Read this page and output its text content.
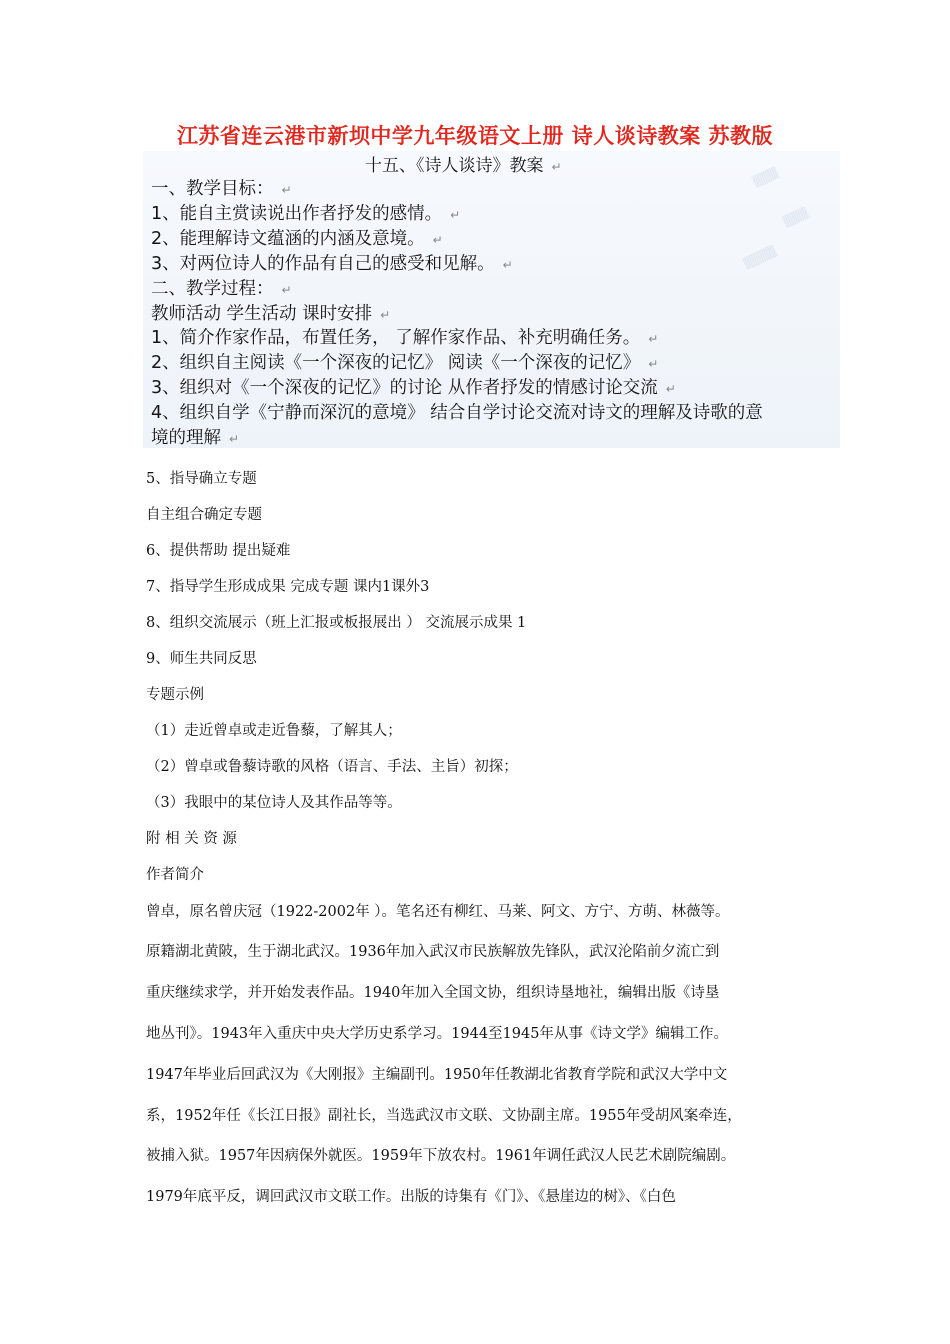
江苏省连云港市新坝中学九年级语文上册 诗人谈诗教案 苏教版
▒▒▒
▒▒▒
▒▒▒▒
十五、《诗人谈诗》教案 ↵
一、教学目标： ↵
1、能自主赏读说出作者抒发的感情。 ↵
2、能理解诗文蕴涵的内涵及意境。 ↵
3、对两位诗人的作品有自己的感受和见解。 ↵
二、教学过程： ↵
教师活动 学生活动 课时安排 ↵
1、简介作家作品，布置任务， 了解作家作品、补充明确任务。 ↵
2、组织自主阅读《一个深夜的记忆》 阅读《一个深夜的记忆》 ↵
3、组织对《一个深夜的记忆》的讨论 从作者抒发的情感讨论交流 ↵
4、组织自学《宁静而深沉的意境》 结合自学讨论交流对诗文的理解及诗歌的意
境的理解 ↵
5、指导确立专题
自主组合确定专题
6、提供帮助 提出疑难
7、指导学生形成成果 完成专题 课内1课外3
8、组织交流展示（班上汇报或板报展出 ） 交流展示成果 1
9、师生共同反思
专题示例
（1）走近曾卓或走近鲁藜，了解其人；
（2）曾卓或鲁藜诗歌的风格（语言、手法、主旨）初探；
（3）我眼中的某位诗人及其作品等等。
附 相 关 资 源
作者简介
曾卓，原名曾庆冠（1922-2002年 ）。笔名还有柳红、马莱、阿文、方宁、方萌、林薇等。
原籍湖北黄陂，生于湖北武汉。1936年加入武汉市民族解放先锋队，武汉沦陷前夕流亡到
重庆继续求学，并开始发表作品。1940年加入全国文协，组织诗垦地社，编辑出版《诗垦
地丛刊》。1943年入重庆中央大学历史系学习。1944至1945年从事《诗文学》编辑工作。
1947年毕业后回武汉为《大刚报》主编副刊。1950年任教湖北省教育学院和武汉大学中文
系，1952年任《长江日报》副社长，当选武汉市文联、文协副主席。1955年受胡风案牵连，
被捕入狱。1957年因病保外就医。1959年下放农村。1961年调任武汉人民艺术剧院编剧。
1979年底平反，调回武汉市文联工作。出版的诗集有《门》、《悬崖边的树》、《白色
